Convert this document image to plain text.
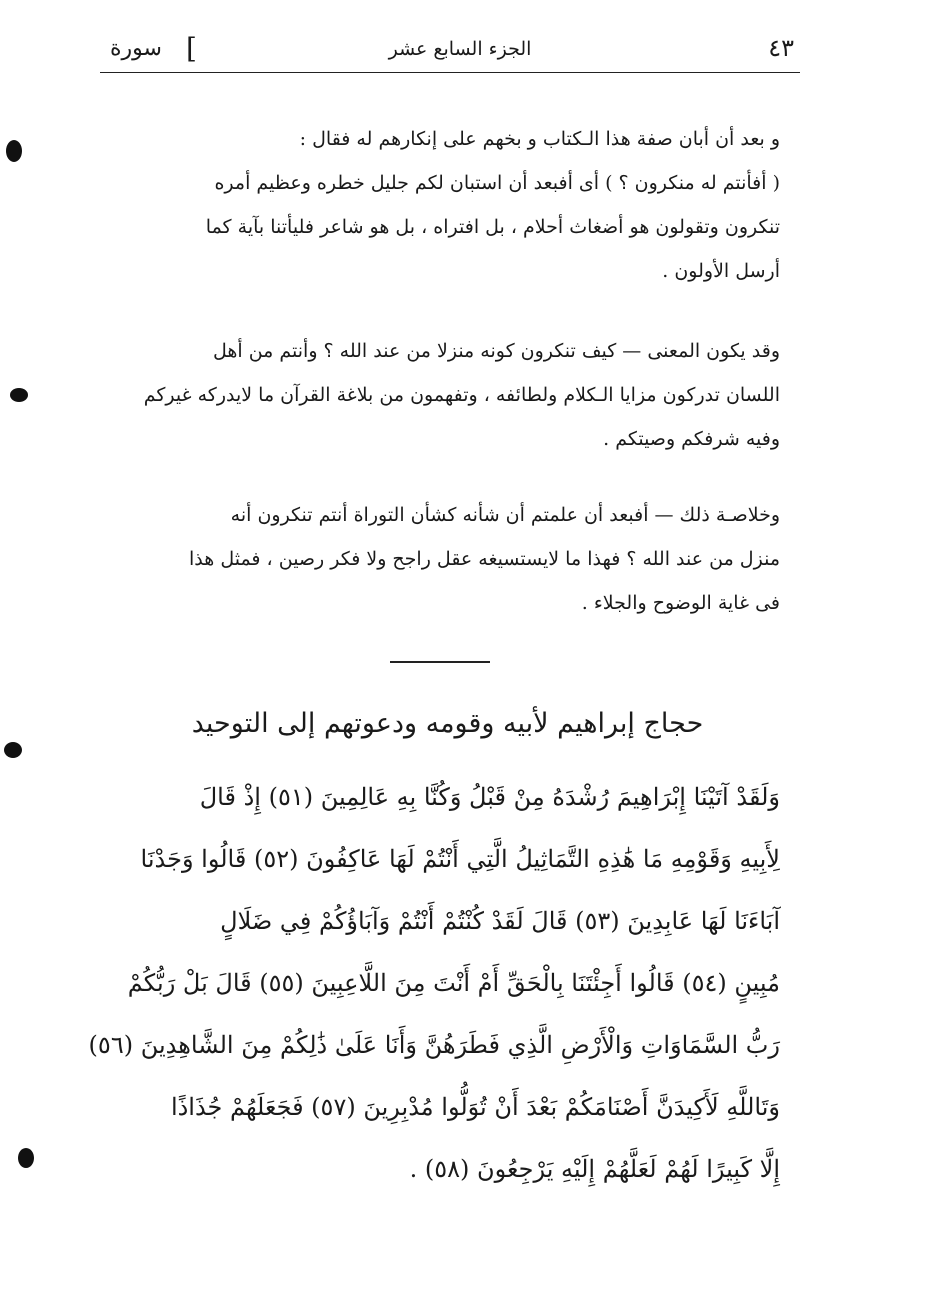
سورة [	الجزء السابع عشر	٤٣
و بعد أن أبان صفة هذا الـكتاب و بخهم على إنكارهم له فقال :
( أفأنتم له منكرون ؟ ) أى أفبعد أن استبان لكم جليل خطره وعظيم أمره
تنكرون وتقولون هو أضغاث أحلام ، بل افتراه ، بل هو شاعر فليأتنا بآية كما
أرسل الأولون .
وقد يكون المعنى — كيف تنكرون كونه منزلا من عند الله ؟ وأنتم من أهل
اللسان تدركون مزايا الـكلام ولطائفه ، وتفهمون من بلاغة القرآن ما لايدركه غيركم
وفيه شرفكم وصيتكم .
وخلاصـة ذلك — أفبعد أن علمتم أن شأنه كشأن التوراة أنتم تنكرون أنه
منزل من عند الله ؟ فهذا ما لايستسيغه عقل راجح ولا فكر رصين ، فمثل هذا
فى غاية الوضوح والجلاء .
حجاج إبراهيم لأبيه وقومه ودعوتهم إلى التوحيد
وَلَقَدْ آتَيْنَا إِبْرَاهِيمَ رُشْدَهُ مِنْ قَبْلُ وَكُنَّا بِهِ عَالِمِينَ (٥١) إِذْ قَالَ
لِأَبِيهِ وَقَوْمِهِ مَا هَٰذِهِ التَّمَاثِيلُ الَّتِي أَنْتُمْ لَهَا عَاكِفُونَ (٥٢) قَالُوا وَجَدْنَا
آبَاءَنَا لَهَا عَابِدِينَ (٥٣) قَالَ لَقَدْ كُنْتُمْ أَنْتُمْ وَآبَاؤُكُمْ فِي ضَلَالٍ
مُبِينٍ (٥٤) قَالُوا أَجِئْتَنَا بِالْحَقِّ أَمْ أَنْتَ مِنَ اللَّاعِبِينَ (٥٥) قَالَ بَلْ رَبُّكُمْ
رَبُّ السَّمَاوَاتِ وَالْأَرْضِ الَّذِي فَطَرَهُنَّ وَأَنَا عَلَىٰ ذَٰلِكُمْ مِنَ الشَّاهِدِينَ (٥٦)
وَتَاللَّهِ لَأَكِيدَنَّ أَصْنَامَكُمْ بَعْدَ أَنْ تُوَلُّوا مُدْبِرِينَ (٥٧) فَجَعَلَهُمْ جُذَاذًا
إِلَّا كَبِيرًا لَهُمْ لَعَلَّهُمْ إِلَيْهِ يَرْجِعُونَ (٥٨) .
